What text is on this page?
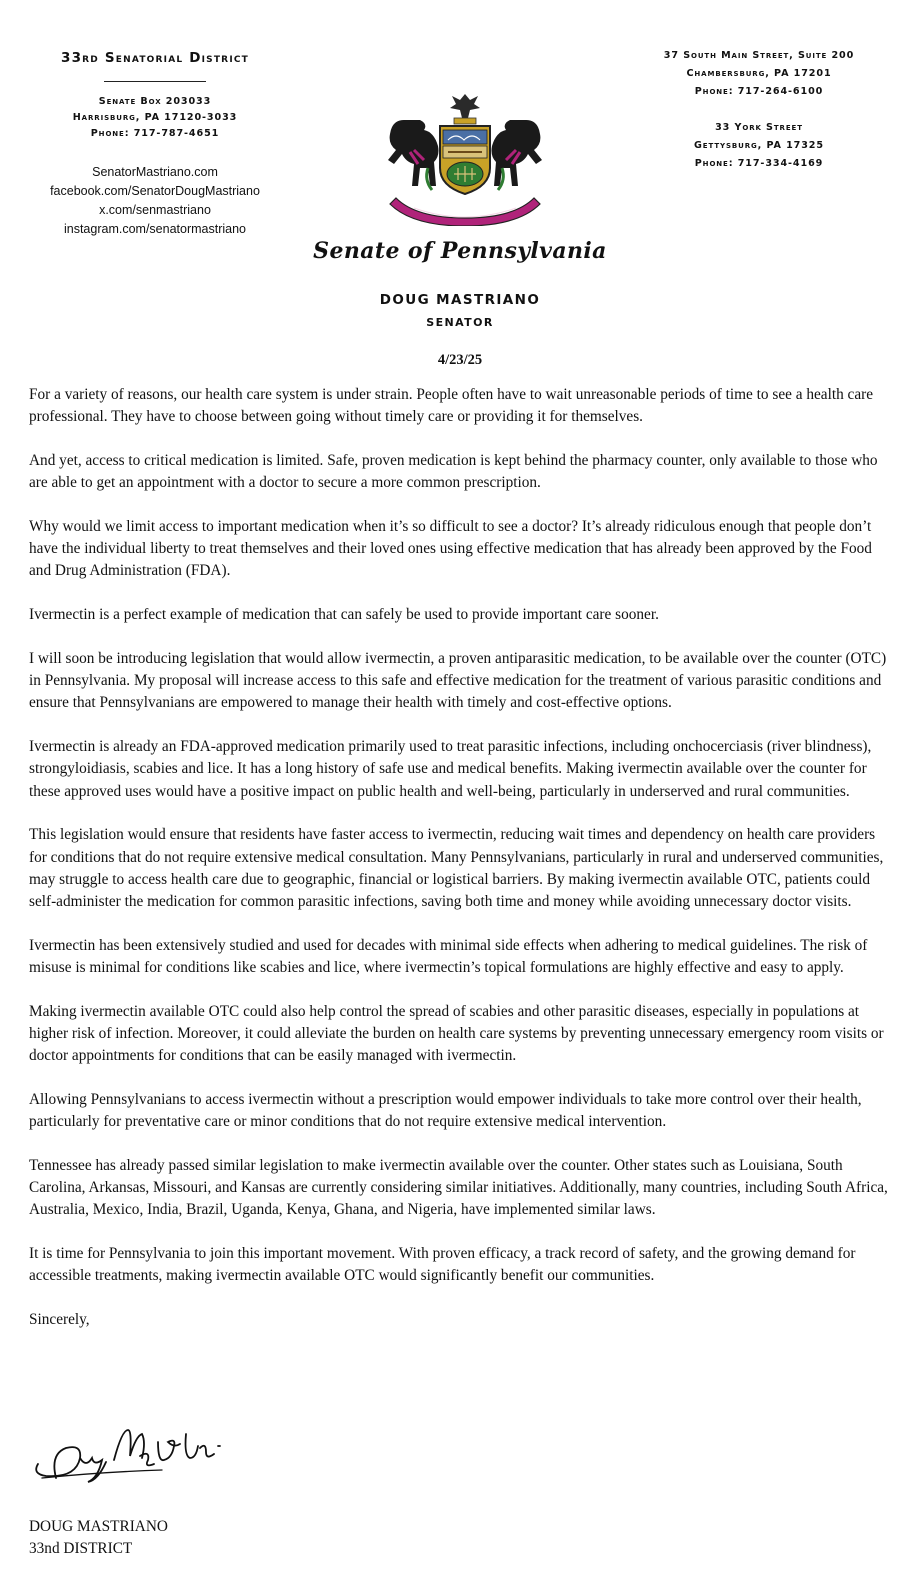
33rd Senatorial District
Senate Box 203033
Harrisburg, PA 17120-3033
Phone: 717-787-4651
SenatorMastriano.com
facebook.com/SenatorDougMastriano
x.com/senmastriano
instagram.com/senatormastriano
37 South Main Street, Suite 200
Chambersburg, PA 17201
Phone: 717-264-6100
33 York Street
Gettysburg, PA 17325
Phone: 717-334-4169
Senate of Pennsylvania
DOUG MASTRIANO
SENATOR
4/23/25

For a variety of reasons, our health care system is under strain. People often have to wait unreasonable periods of time to see a health care professional. They have to choose between going without timely care or providing it for themselves.

And yet, access to critical medication is limited. Safe, proven medication is kept behind the pharmacy counter, only available to those who are able to get an appointment with a doctor to secure a more common prescription.

Why would we limit access to important medication when it’s so difficult to see a doctor? It’s already ridiculous enough that people don’t have the individual liberty to treat themselves and their loved ones using effective medication that has already been approved by the Food and Drug Administration (FDA).

Ivermectin is a perfect example of medication that can safely be used to provide important care sooner.

I will soon be introducing legislation that would allow ivermectin, a proven antiparasitic medication, to be available over the counter (OTC) in Pennsylvania. My proposal will increase access to this safe and effective medication for the treatment of various parasitic conditions and ensure that Pennsylvanians are empowered to manage their health with timely and cost-effective options.

Ivermectin is already an FDA-approved medication primarily used to treat parasitic infections, including onchocerciasis (river blindness), strongyloidiasis, scabies and lice. It has a long history of safe use and medical benefits. Making ivermectin available over the counter for these approved uses would have a positive impact on public health and well-being, particularly in underserved and rural communities.

This legislation would ensure that residents have faster access to ivermectin, reducing wait times and dependency on health care providers for conditions that do not require extensive medical consultation. Many Pennsylvanians, particularly in rural and underserved communities, may struggle to access health care due to geographic, financial or logistical barriers. By making ivermectin available OTC, patients could self-administer the medication for common parasitic infections, saving both time and money while avoiding unnecessary doctor visits.

Ivermectin has been extensively studied and used for decades with minimal side effects when adhering to medical guidelines. The risk of misuse is minimal for conditions like scabies and lice, where ivermectin’s topical formulations are highly effective and easy to apply.

Making ivermectin available OTC could also help control the spread of scabies and other parasitic diseases, especially in populations at higher risk of infection. Moreover, it could alleviate the burden on health care systems by preventing unnecessary emergency room visits or doctor appointments for conditions that can be easily managed with ivermectin.

Allowing Pennsylvanians to access ivermectin without a prescription would empower individuals to take more control over their health, particularly for preventative care or minor conditions that do not require extensive medical intervention.

Tennessee has already passed similar legislation to make ivermectin available over the counter. Other states such as Louisiana, South Carolina, Arkansas, Missouri, and Kansas are currently considering similar initiatives. Additionally, many countries, including South Africa, Australia, Mexico, India, Brazil, Uganda, Kenya, Ghana, and Nigeria, have implemented similar laws.

It is time for Pennsylvania to join this important movement. With proven efficacy, a track record of safety, and the growing demand for accessible treatments, making ivermectin available OTC would significantly benefit our communities.

Sincerely,

DOUG MASTRIANO
33nd DISTRICT
